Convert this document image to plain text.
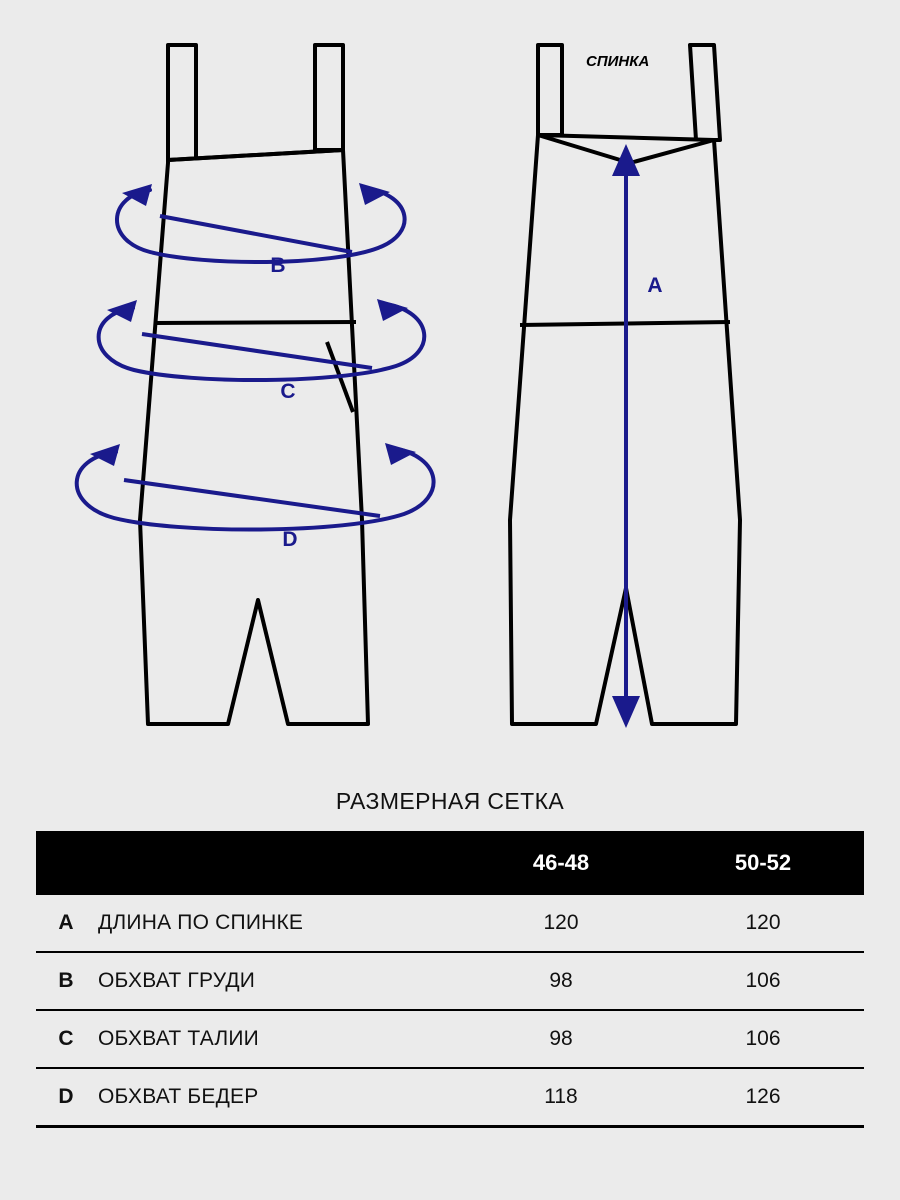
B
C
D
A
СПИНКА
РАЗМЕРНАЯ СЕТКА
		46-48	50-52
A	ДЛИНА ПО СПИНКЕ	120	120
B	ОБХВАТ ГРУДИ	98	106
C	ОБХВАТ ТАЛИИ	98	106
D	ОБХВАТ БЕДЕР	118	126
